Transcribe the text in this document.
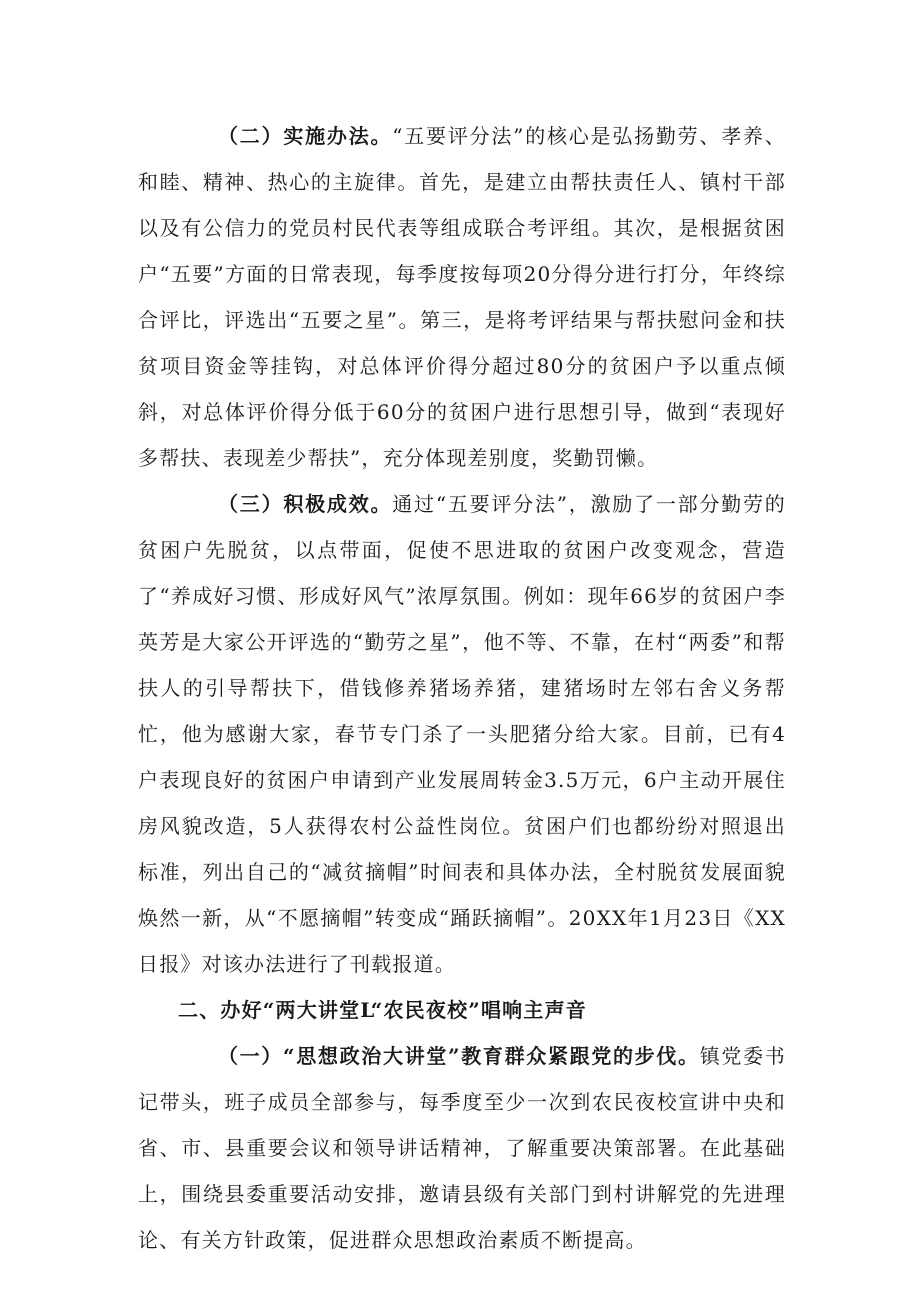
（二）实施办法。“五要评分法”的核心是弘扬勤劳、孝养、和睦、精神、热心的主旋律。首先，是建立由帮扶责任人、镇村干部以及有公信力的党员村民代表等组成联合考评组。其次，是根据贫困户“五要”方面的日常表现，每季度按每项20分得分进行打分，年终综合评比，评选出“五要之星”。第三，是将考评结果与帮扶慰问金和扶贫项目资金等挂钩，对总体评价得分超过80分的贫困户予以重点倾斜，对总体评价得分低于60分的贫困户进行思想引导，做到“表现好多帮扶、表现差少帮扶”，充分体现差别度，奖勤罚懒。

（三）积极成效。通过“五要评分法”，激励了一部分勤劳的贫困户先脱贫，以点带面，促使不思进取的贫困户改变观念，营造了“养成好习惯、形成好风气”浓厚氛围。例如：现年66岁的贫困户李英芳是大家公开评选的“勤劳之星”，他不等、不靠，在村“两委”和帮扶人的引导帮扶下，借钱修养猪场养猪，建猪场时左邻右舍义务帮忙，他为感谢大家，春节专门杀了一头肥猪分给大家。目前，已有4户表现良好的贫困户申请到产业发展周转金3.5万元，6户主动开展住房风貌改造，5人获得农村公益性岗位。贫困户们也都纷纷对照退出标准，列出自己的“减贫摘帽”时间表和具体办法，全村脱贫发展面貌焕然一新，从“不愿摘帽”转变成“踊跃摘帽”。20XX年1月23日《XX日报》对该办法进行了刊载报道。

二、办好“两大讲堂L“农民夜校”唱响主声音

（一）“思想政治大讲堂”教育群众紧跟党的步伐。镇党委书记带头，班子成员全部参与，每季度至少一次到农民夜校宣讲中央和省、市、县重要会议和领导讲话精神，了解重要决策部署。在此基础上，围绕县委重要活动安排，邀请县级有关部门到村讲解党的先进理论、有关方针政策，促进群众思想政治素质不断提高。
